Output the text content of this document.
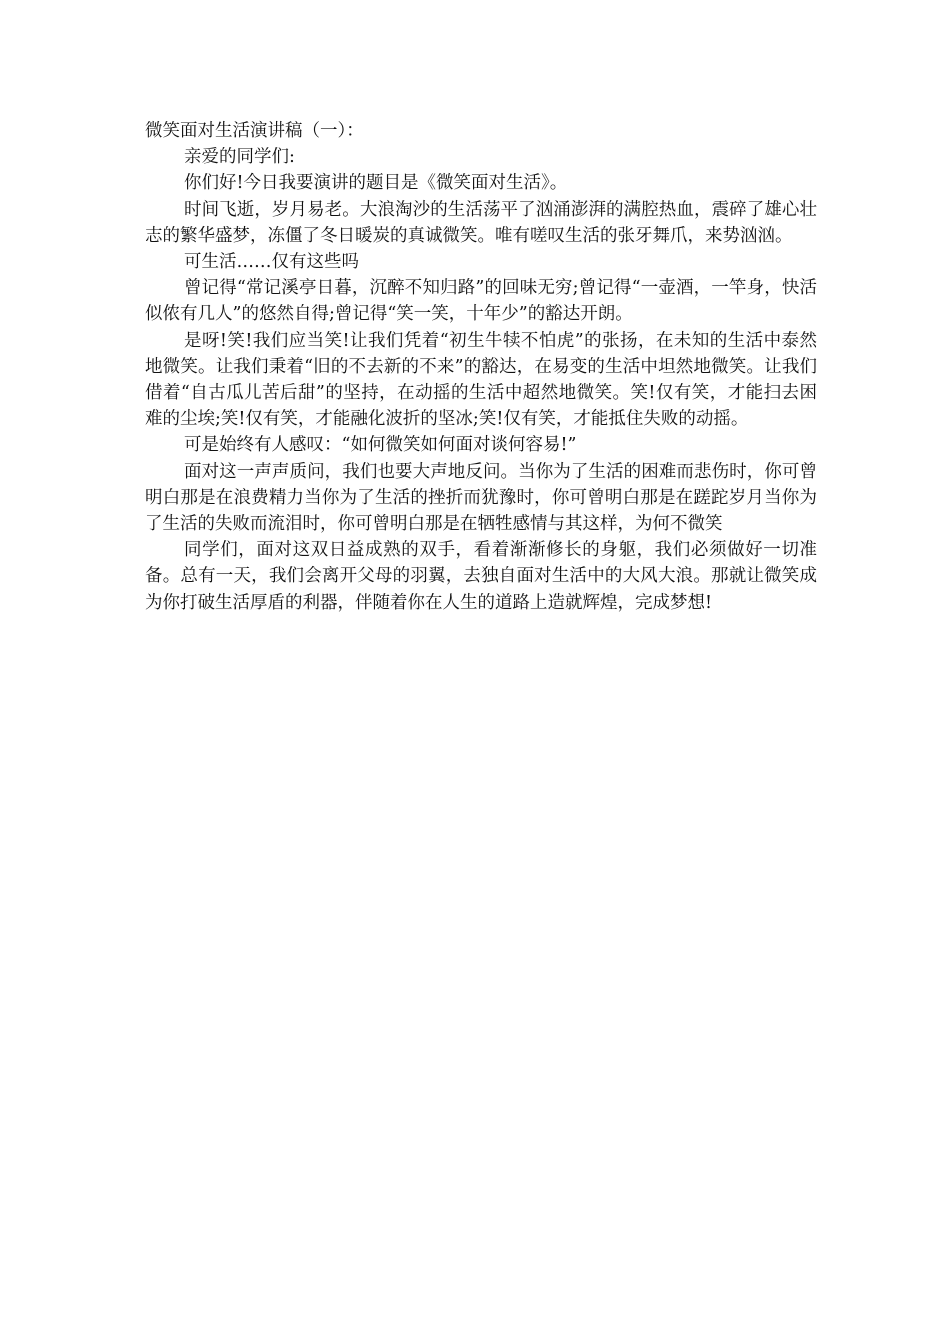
微笑面对生活演讲稿（一）：

亲爱的同学们:

你们好!今日我要演讲的题目是《微笑面对生活》。

时间飞逝，岁月易老。大浪淘沙的生活荡平了汹涌澎湃的满腔热血，震碎了雄心壮志的繁华盛梦，冻僵了冬日暖炭的真诚微笑。唯有嗟叹生活的张牙舞爪，来势汹汹。

可生活……仅有这些吗

曾记得“常记溪亭日暮，沉醉不知归路”的回味无穷;曾记得“一壶酒，一竿身，快活似侬有几人”的悠然自得;曾记得“笑一笑，十年少”的豁达开朗。

是呀!笑!我们应当笑!让我们凭着“初生牛犊不怕虎”的张扬，在未知的生活中泰然地微笑。让我们秉着“旧的不去新的不来”的豁达，在易变的生活中坦然地微笑。让我们借着“自古瓜儿苦后甜”的坚持，在动摇的生活中超然地微笑。笑!仅有笑，才能扫去困难的尘埃;笑!仅有笑，才能融化波折的坚冰;笑!仅有笑，才能抵住失败的动摇。

可是始终有人感叹：“如何微笑如何面对谈何容易!”

面对这一声声质问，我们也要大声地反问。当你为了生活的困难而悲伤时，你可曾明白那是在浪费精力当你为了生活的挫折而犹豫时，你可曾明白那是在蹉跎岁月当你为了生活的失败而流泪时，你可曾明白那是在牺牲感情与其这样，为何不微笑

同学们，面对这双日益成熟的双手，看着渐渐修长的身躯，我们必须做好一切准备。总有一天，我们会离开父母的羽翼，去独自面对生活中的大风大浪。那就让微笑成为你打破生活厚盾的利器，伴随着你在人生的道路上造就辉煌，完成梦想!
